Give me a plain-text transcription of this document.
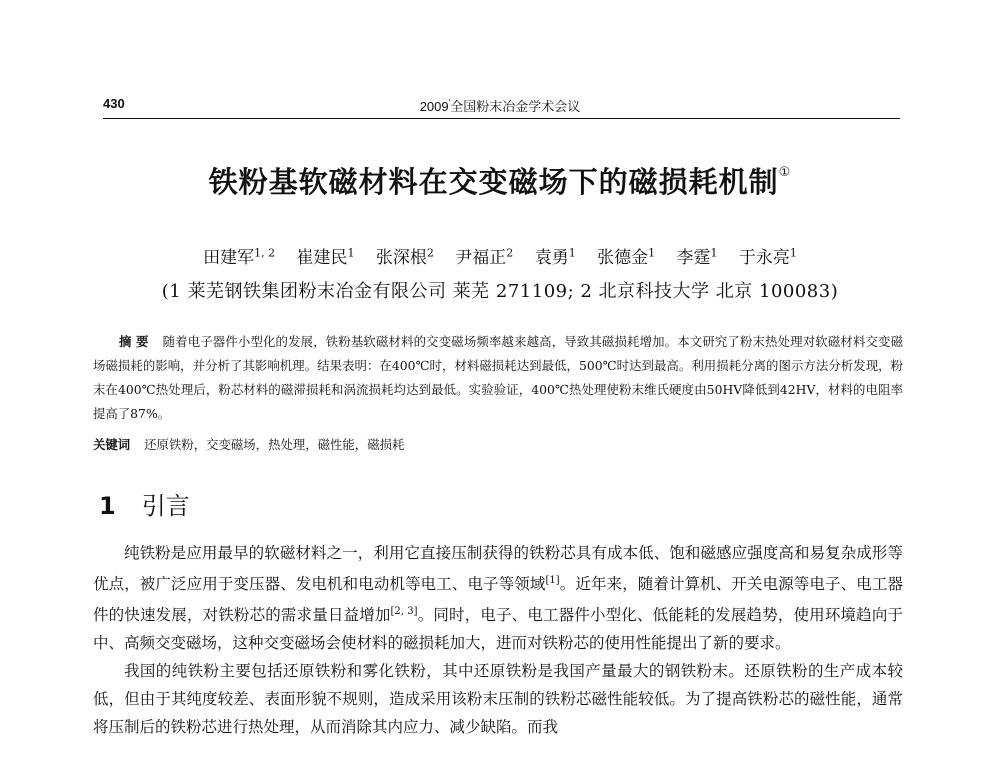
430	2009′全国粉末冶金学术会议
铁粉基软磁材料在交变磁场下的磁损耗机制①
田建军$^{1, 2}$ 崔建民$^1$ 张深根$^2$ 尹福正$^2$ 袁勇$^1$ 张德金$^1$ 李霆$^1$ 于永亮$^1$
(1 莱芜钢铁集团粉末冶金有限公司 莱芜 271109; 2 北京科技大学 北京 100083)
摘 要 随着电子器件小型化的发展，铁粉基软磁材料的交变磁场频率越来越高，导致其磁损耗增加。本文研究了粉末热处理对软磁材料交变磁场磁损耗的影响，并分析了其影响机理。结果表明：在400℃时，材料磁损耗达到最低，500℃时达到最高。利用损耗分离的图示方法分析发现，粉末在400℃热处理后，粉芯材料的磁滞损耗和涡流损耗均达到最低。实验验证，400℃热处理使粉末维氏硬度由50HV降低到42HV，材料的电阻率提高了87%。
关键词 还原铁粉，交变磁场，热处理，磁性能，磁损耗
1 引言

纯铁粉是应用最早的软磁材料之一，利用它直接压制获得的铁粉芯具有成本低、饱和磁感应强度高和易复杂成形等优点，被广泛应用于变压器、发电机和电动机等电工、电子等领域[1]。近年来，随着计算机、开关电源等电子、电工器件的快速发展，对铁粉芯的需求量日益增加[2, 3]。同时，电子、电工器件小型化、低能耗的发展趋势，使用环境趋向于中、高频交变磁场，这种交变磁场会使材料的磁损耗加大，进而对铁粉芯的使用性能提出了新的要求。

我国的纯铁粉主要包括还原铁粉和雾化铁粉，其中还原铁粉是我国产量最大的钢铁粉末。还原铁粉的生产成本较低，但由于其纯度较差、表面形貌不规则，造成采用该粉末压制的铁粉芯磁性能较低。为了提高铁粉芯的磁性能，通常将压制后的铁粉芯进行热处理，从而消除其内应力、减少缺陷。而我
